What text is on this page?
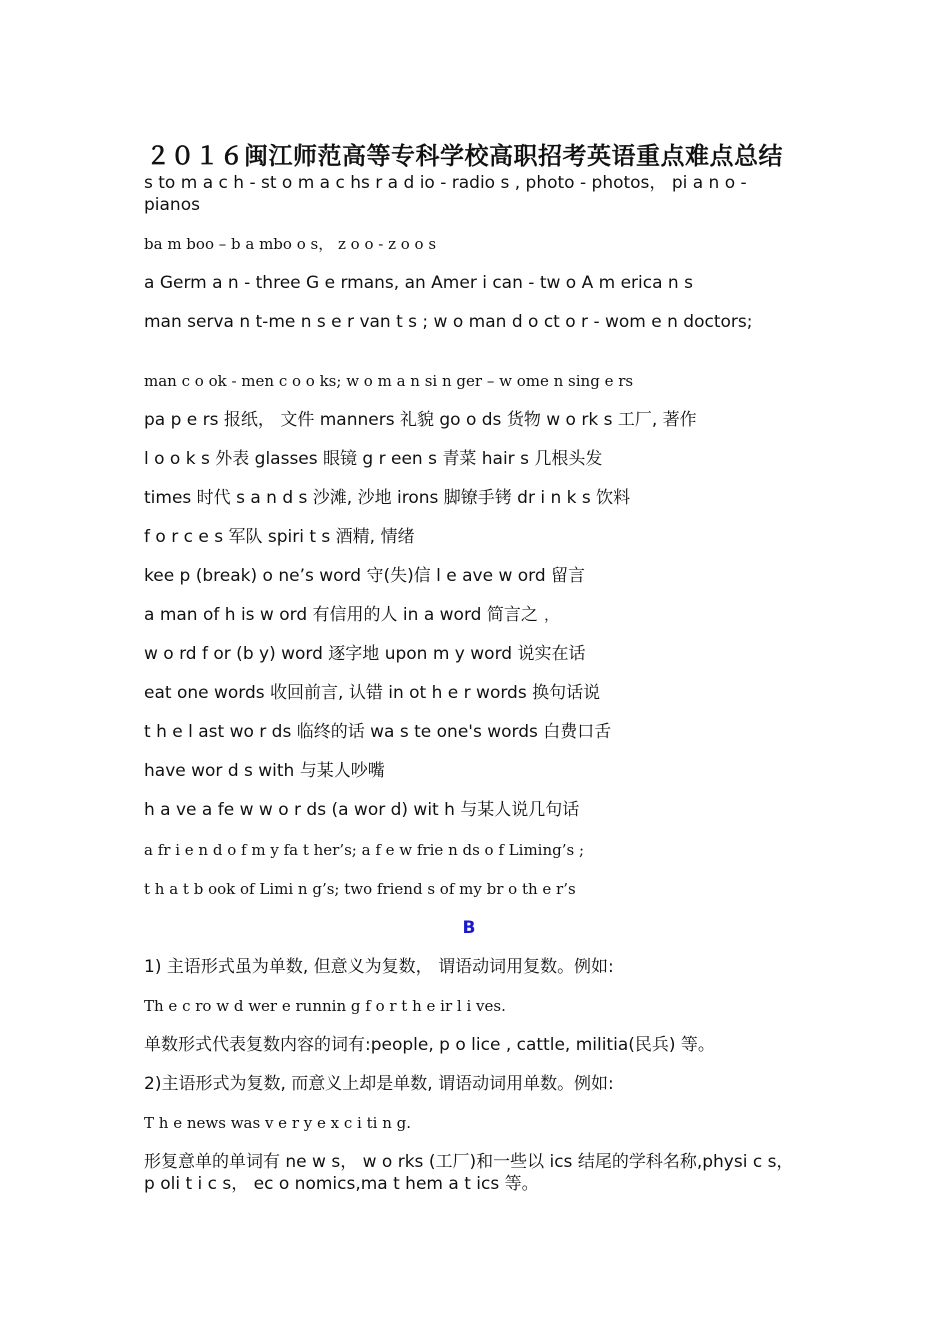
２０１６闽江师范高等专科学校高职招考英语重点难点总结
s to m a c h - st o m a c hs r a d io - radio s , photo - photos， pi a n o - pianos
ba m boo – b a mbo o s， z o o - z o o s
a Germ a n - three G e rmans, an Amer i can - tw o A m erica n s
man serva n t-me n s e r van t s ; w o man d o ct o r - wom e n doctors;
man c o ok - men c o o ks; w o m a n si n ger – w ome n sing e rs
pa p e rs 报纸， 文件 manners 礼貌 go o ds 货物 w o rk s 工厂, 著作
l o o k s 外表 glasses 眼镜 g r een s 青菜 hair s 几根头发
times 时代 s a n d s 沙滩, 沙地 irons 脚镣手铐 dr i n k s 饮料
f o r c e s 军队 spiri t s 酒精, 情绪
kee p (break) o ne’s word 守(失)信 l e ave w ord 留言
a man of h is w ord 有信用的人 in a word 简言之﹐
w o rd f or (b y) word 逐字地 upon m y word 说实在话
eat one words 收回前言, 认错 in ot h e r words 换句话说
t h e l ast wo r ds 临终的话 wa s te one's words 白费口舌
have wor d s with 与某人吵嘴
h a ve a fe w w o r ds (a wor d) wit h 与某人说几句话
a fr i e n d o f m y fa t her’s; a f e w frie n ds o f Liming’s ;
t h a t b ook of Limi n g’s; two friend s of my br o th e r’s
B
1) 主语形式虽为单数, 但意义为复数， 谓语动词用复数。例如:
Th e c ro w d wer e runnin g f o r t h e ir l i ves.
单数形式代表复数内容的词有:people, p o lice , cattle, militia(民兵) 等。
2)主语形式为复数, 而意义上却是单数, 谓语动词用单数。例如:
T h e news was v e r y e x c i ti n g.
形复意单的单词有 ne w s， w o rks (工厂)和一些以 ics 结尾的学科名称,physi c s， p oli t i c s， ec o nomics,ma t hem a t ics 等。
